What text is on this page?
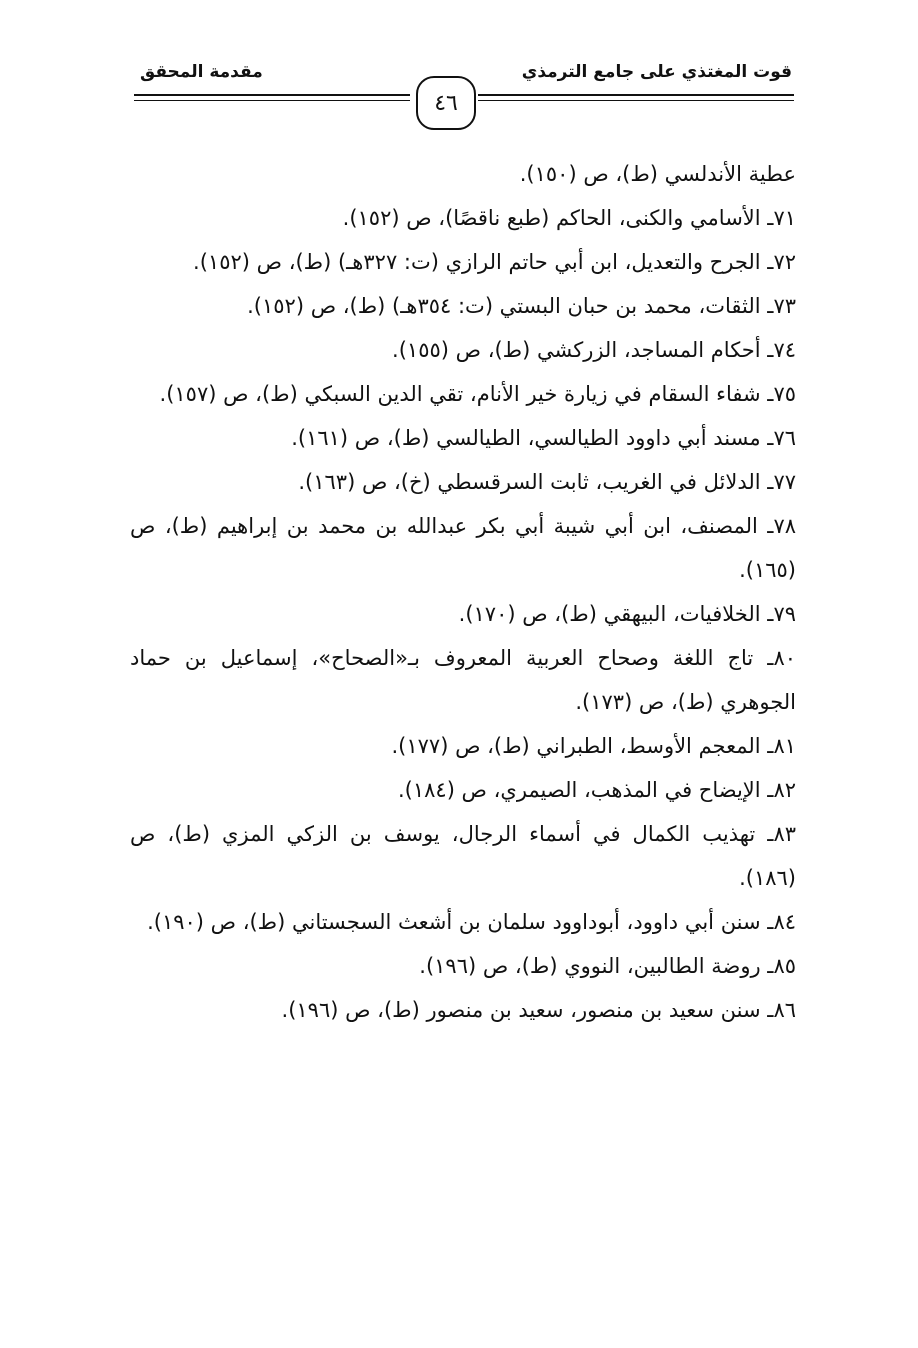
قوت المغتذي على جامع الترمذي
مقدمة المحقق
٤٦

عطية الأندلسي (ط)، ص (١٥٠).

٧١ـ الأسامي والكنى، الحاكم (طبع ناقصًا)، ص (١٥٢).

٧٢ـ الجرح والتعديل، ابن أبي حاتم الرازي (ت: ٣٢٧هـ) (ط)، ص (١٥٢).

٧٣ـ الثقات، محمد بن حبان البستي (ت: ٣٥٤هـ) (ط)، ص (١٥٢).

٧٤ـ أحكام المساجد، الزركشي (ط)، ص (١٥٥).

٧٥ـ شفاء السقام في زيارة خير الأنام، تقي الدين السبكي (ط)، ص (١٥٧).

٧٦ـ مسند أبي داوود الطيالسي، الطيالسي (ط)، ص (١٦١).

٧٧ـ الدلائل في الغريب، ثابت السرقسطي (خ)، ص (١٦٣).

٧٨ـ المصنف، ابن أبي شيبة أبي بكر عبدالله بن محمد بن إبراهيم (ط)، ص (١٦٥).

٧٩ـ الخلافيات، البيهقي (ط)، ص (١٧٠).

٨٠ـ تاج اللغة وصحاح العربية المعروف بـ«الصحاح»، إسماعيل بن حماد الجوهري (ط)، ص (١٧٣).

٨١ـ المعجم الأوسط، الطبراني (ط)، ص (١٧٧).

٨٢ـ الإيضاح في المذهب، الصيمري، ص (١٨٤).

٨٣ـ تهذيب الكمال في أسماء الرجال، يوسف بن الزكي المزي (ط)، ص (١٨٦).

٨٤ـ سنن أبي داوود، أبوداوود سلمان بن أشعث السجستاني (ط)، ص (١٩٠).

٨٥ـ روضة الطالبين، النووي (ط)، ص (١٩٦).

٨٦ـ سنن سعيد بن منصور، سعيد بن منصور (ط)، ص (١٩٦).
